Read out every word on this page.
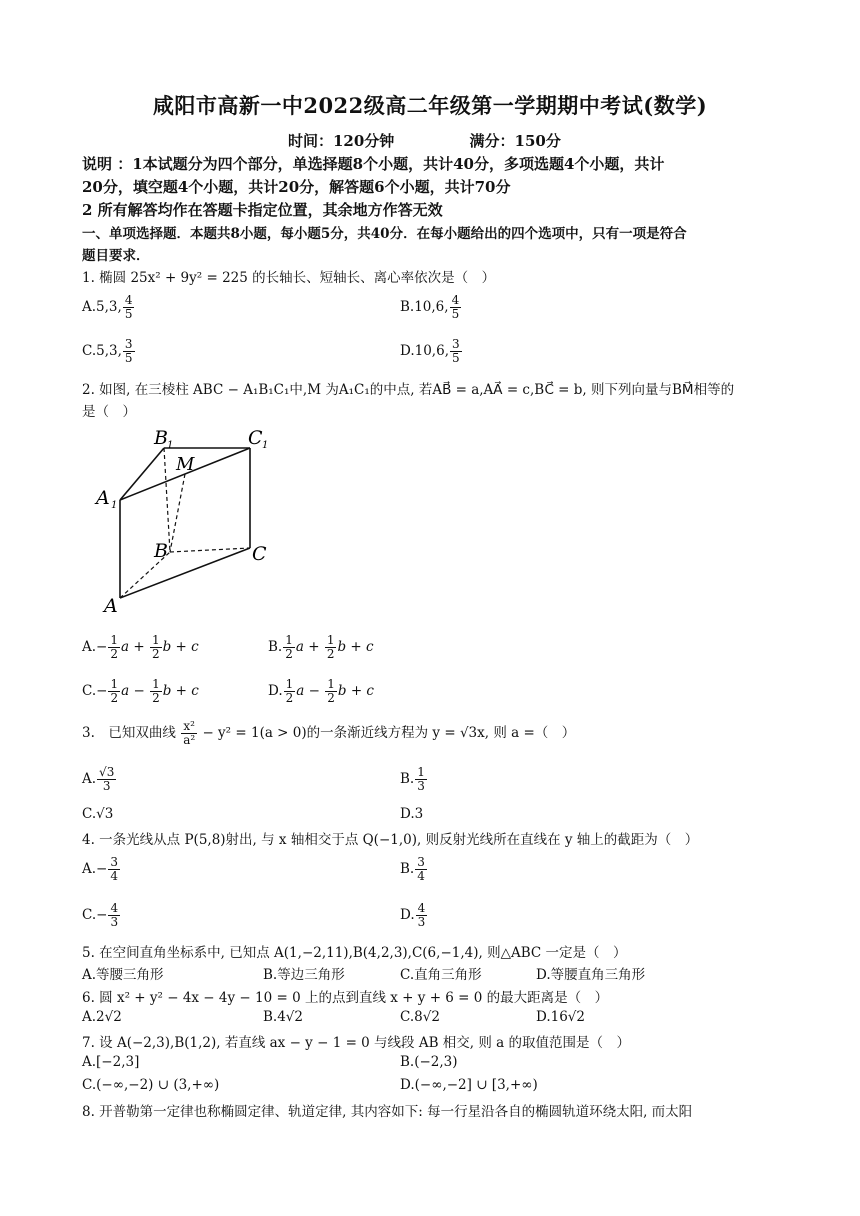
咸阳市高新一中2022级高二年级第一学期期中考试(数学)
时间：120分钟	满分：150分
说明 ：1本试题分为四个部分，单选择题8个小题，共计40分，多项选题4个小题，共计
20分，填空题4个小题，共计20分，解答题6个小题，共计70分
2 所有解答均作在答题卡指定位置，其余地方作答无效
一、单项选择题．本题共8小题，每小题5分，共40分．在每小题给出的四个选项中，只有一项是符合
题目要求．
1. 椭圆 25x² + 9y² = 225 的长轴长、短轴长、离心率依次是（　）
A.5,3, $\frac{4}{5}$	B.10,6, $\frac{4}{5}$
C.5,3, $\frac{3}{5}$	D.10,6, $\frac{3}{5}$
2. 如图, 在三棱柱 ABC − A₁B₁C₁中,M 为A₁C₁的中点, 若AB⃗ = a,AA⃗ = c,BC⃗ = b, 则下列向量与BM⃗相等的
是（　）
B 1	C 1
M
A 1
B	C
A
$A.- \frac{1}{2}$ $a + \frac{1}{2}$ b + c	B. $\frac{1}{2}$ $a + \frac{1}{2}$ b + c
$C.- \frac{1}{2}$ $a - \frac{1}{2}$ b + c	D. $\frac{1}{2}$ $a - \frac{1}{2}$ b + c
3.　已知双曲线 $\frac{\text{x²}}{\text{a²}} - y^2 = 1(a > 0)$的一条渐近线方程为 y = √3x, 则 a =（　）
A. $\frac{√3}{3}$	B. $\frac{1}{3}$
C.√3	D.3
4. 一条光线从点 P(5,8)射出, 与 x 轴相交于点 Q(−1,0), 则反射光线所在直线在 y 轴上的截距为（　）
$A.- \frac{3}{4}$	B. $\frac{3}{4}$
$C.- \frac{4}{3}$	D. $\frac{4}{3}$
5. 在空间直角坐标系中, 已知点 A(1,−2,11),B(4,2,3),C(6,−1,4), 则△ABC 一定是（　）
A.等腰三角形	B.等边三角形	C.直角三角形	D.等腰直角三角形
6. 圆 x² + y² − 4x − 4y − 10 = 0 上的点到直线 x + y + 6 = 0 的最大距离是（　）
A.2√2	B.4√2	C.8√2	D.16√2
7. 设 A(−2,3),B(1,2), 若直线 ax − y − 1 = 0 与线段 AB 相交, 则 a 的取值范围是（　）
A.[−2,3]	B.(−2,3)
C.(−∞,−2) ∪ (3,+∞)	D.(−∞,−2] ∪ [3,+∞)
8. 开普勒第一定律也称椭圆定律、轨道定律, 其内容如下: 每一行星沿各自的椭圆轨道环绕太阳, 而太阳
